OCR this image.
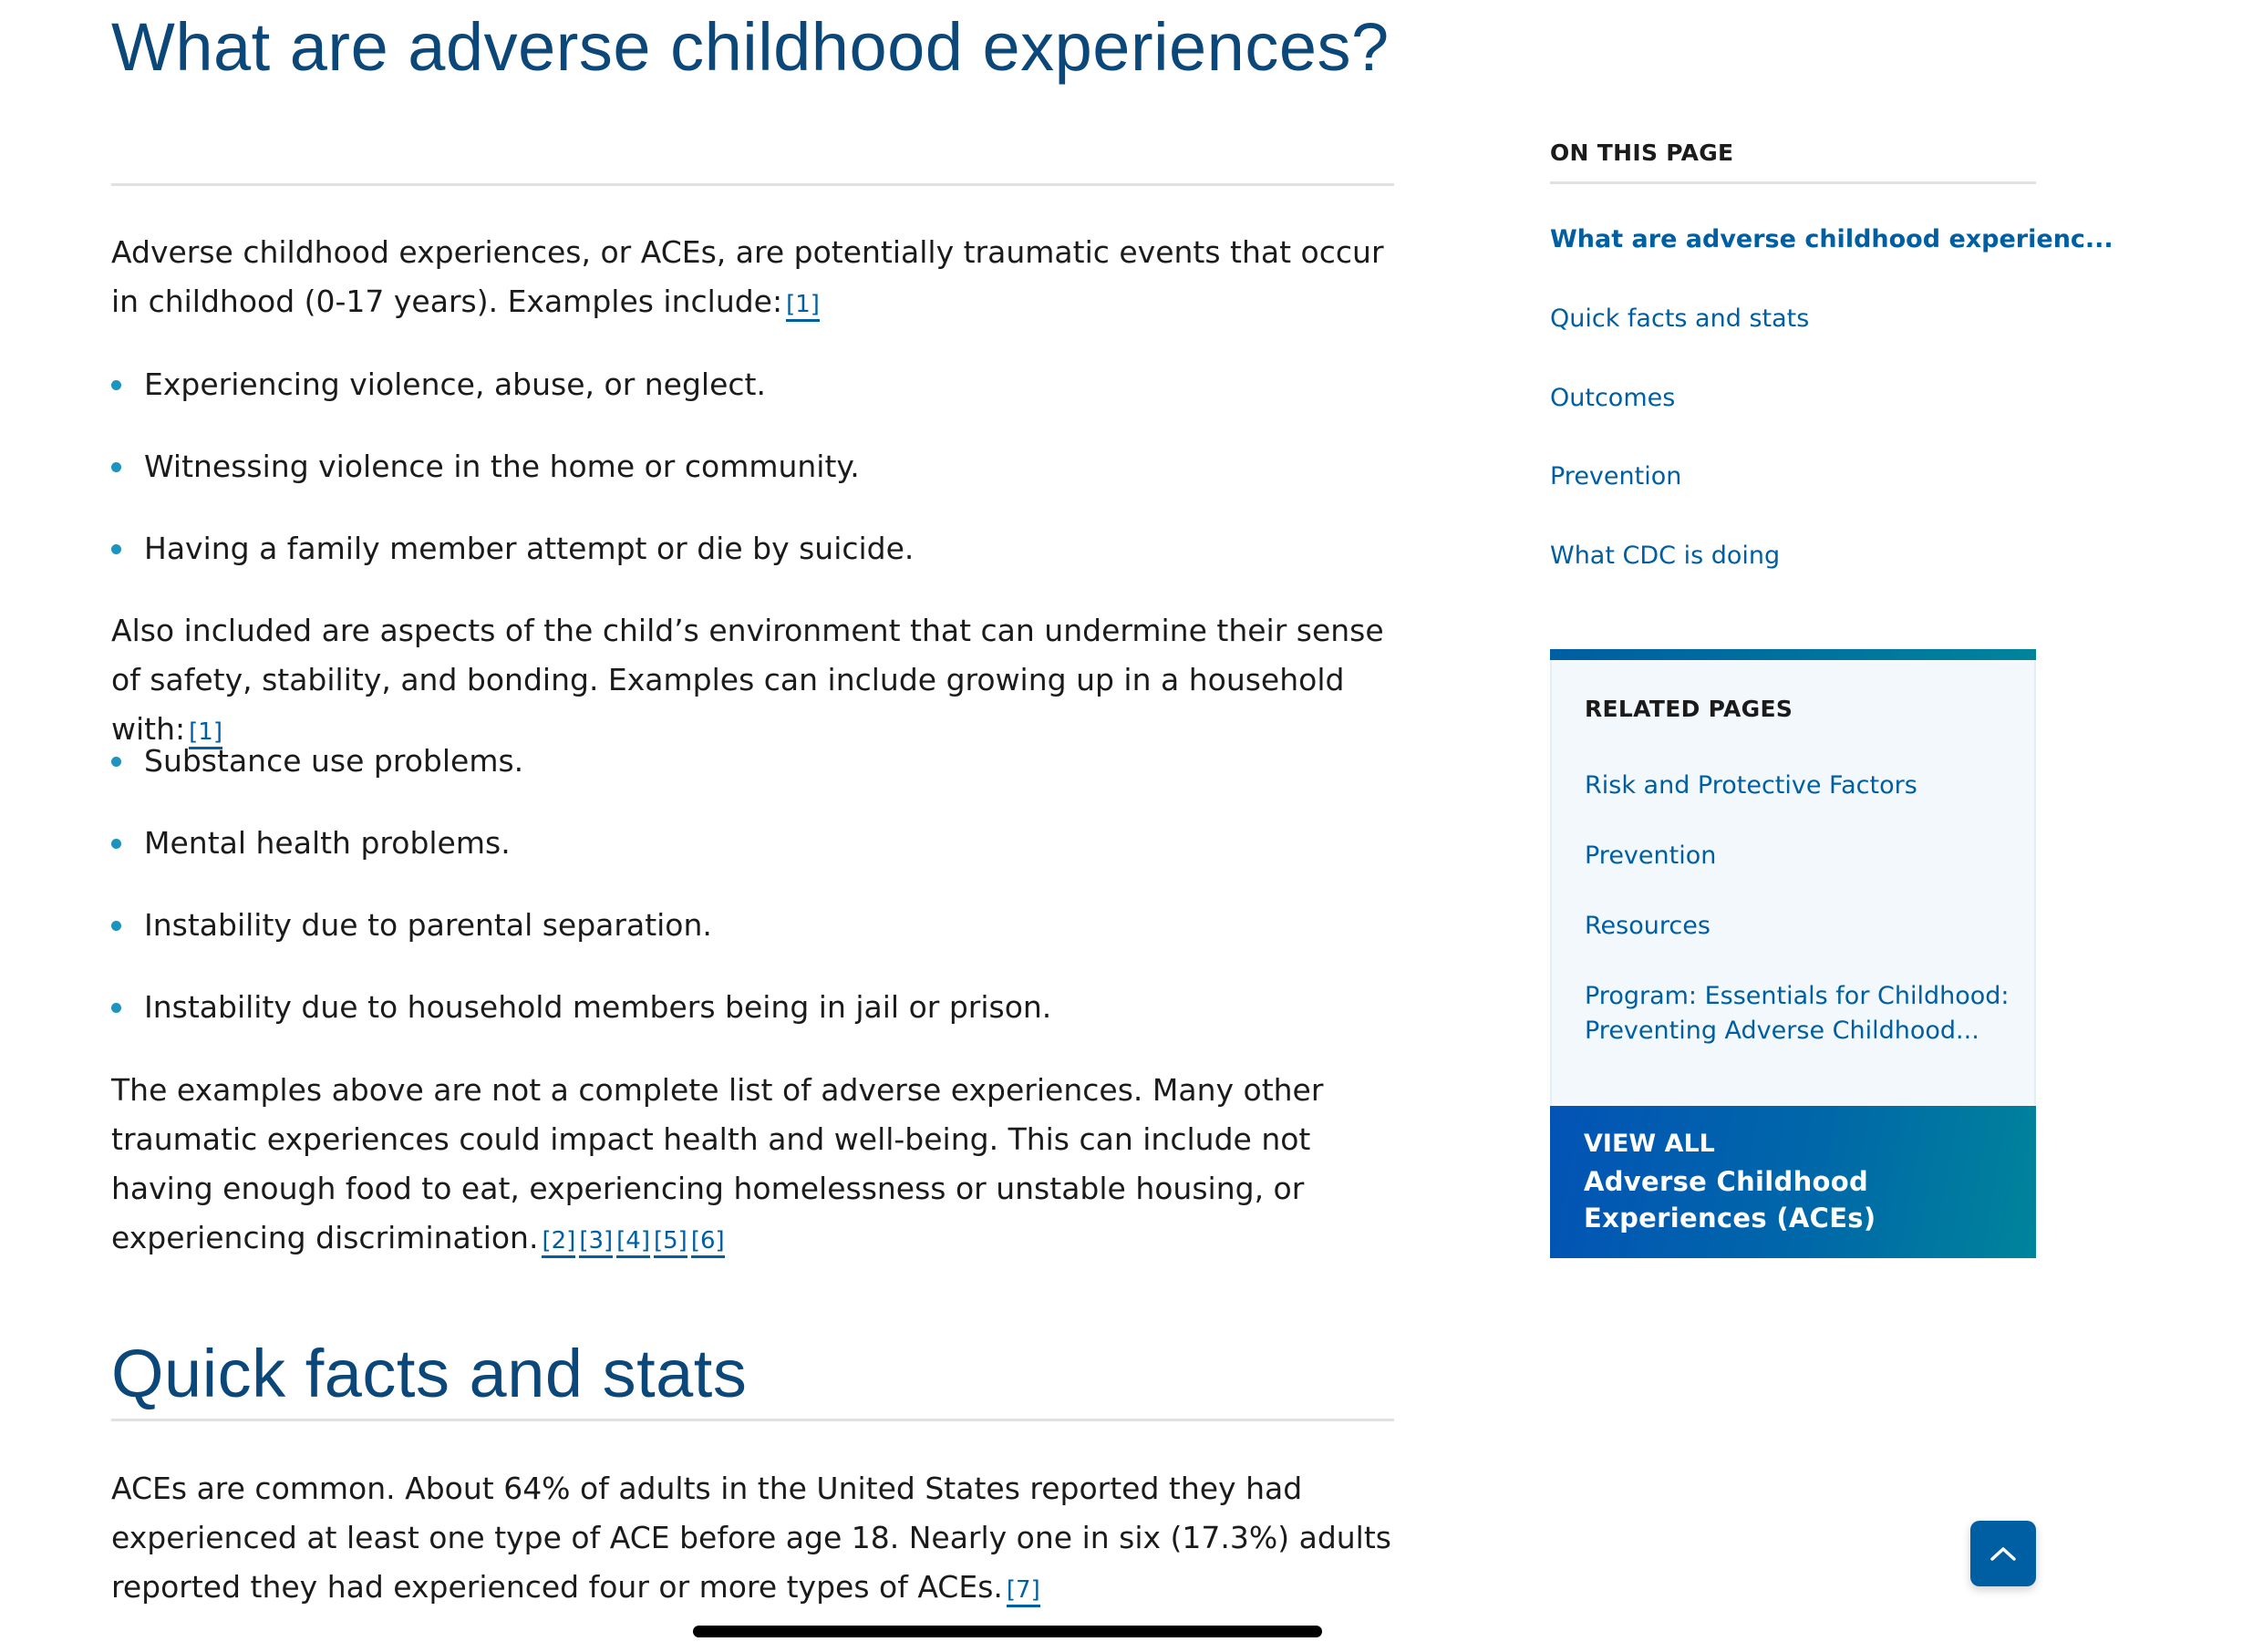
What are adverse childhood experiences?

Adverse childhood experiences, or ACEs, are potentially traumatic events that occur in childhood (0-17 years). Examples include: [1]

Experiencing violence, abuse, or neglect.
Witnessing violence in the home or community.
Having a family member attempt or die by suicide.

Also included are aspects of the child’s environment that can undermine their sense of safety, stability, and bonding. Examples can include growing up in a household with: [1]

Substance use problems.
Mental health problems.
Instability due to parental separation.
Instability due to household members being in jail or prison.

The examples above are not a complete list of adverse experiences. Many other traumatic experiences could impact health and well-being. This can include not having enough food to eat, experiencing homelessness or unstable housing, or experiencing discrimination. [2] [3] [4] [5] [6]

Quick facts and stats

ACEs are common. About 64% of adults in the United States reported they had experienced at least one type of ACE before age 18. Nearly one in six (17.3%) adults reported they had experienced four or more types of ACEs. [7]

ON THIS PAGE
What are adverse childhood experienc...
Quick facts and stats
Outcomes
Prevention
What CDC is doing
RELATED PAGES
Risk and Protective Factors
Prevention
Resources
Program: Essentials for Childhood: Preventing Adverse Childhood...
VIEW ALL
Adverse Childhood Experiences (ACEs)
